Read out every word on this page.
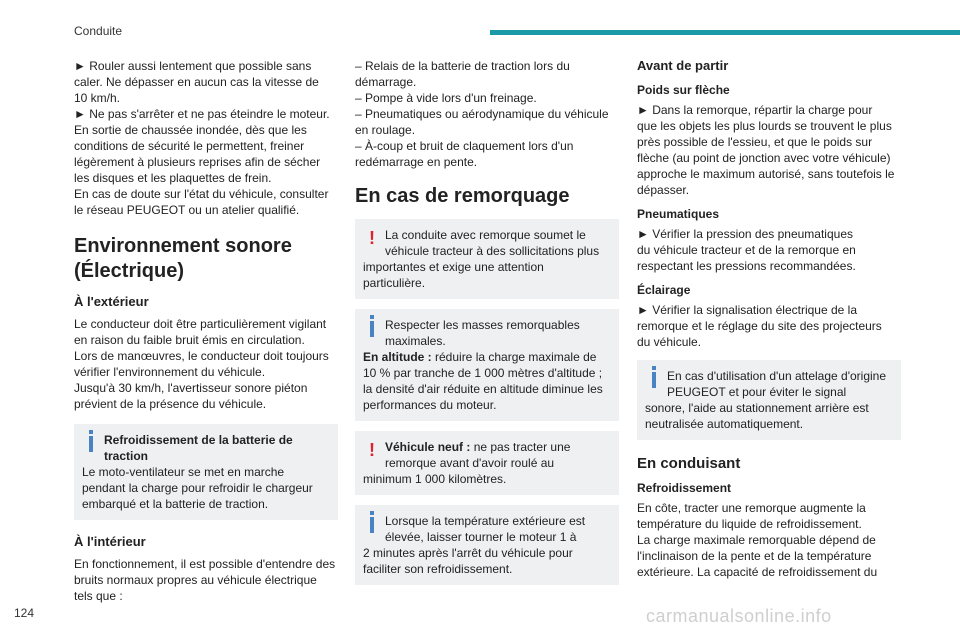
Conduite

► Rouler aussi lentement que possible sans
caler. Ne dépasser en aucun cas la vitesse de
10 km/h.
► Ne pas s'arrêter et ne pas éteindre le moteur.
En sortie de chaussée inondée, dès que les
conditions de sécurité le permettent, freiner
légèrement à plusieurs reprises afin de sécher
les disques et les plaquettes de frein.
En cas de doute sur l'état du véhicule, consulter
le réseau PEUGEOT ou un atelier qualifié.

Environnement sonore
(Électrique)
À l'extérieur

Le conducteur doit être particulièrement vigilant
en raison du faible bruit émis en circulation.
Lors de manœuvres, le conducteur doit toujours
vérifier l'environnement du véhicule.
Jusqu'à 30 km/h, l'avertisseur sonore piéton
prévient de la présence du véhicule.

Refroidissement de la batterie de
traction
Le moto-ventilateur se met en marche
pendant la charge pour refroidir le chargeur
embarqué et la batterie de traction.
À l'intérieur

En fonctionnement, il est possible d'entendre des
bruits normaux propres au véhicule électrique
tels que :

– Relais de la batterie de traction lors du
démarrage.
– Pompe à vide lors d'un freinage.
– Pneumatiques ou aérodynamique du véhicule
en roulage.
– À-coup et bruit de claquement lors d'un
redémarrage en pente.

En cas de remorquage
! La conduite avec remorque soumet le
véhicule tracteur à des sollicitations plus
importantes et exige une attention
particulière.
Respecter les masses remorquables
maximales.
En altitude : réduire la charge maximale de
10 % par tranche de 1 000 mètres d'altitude ;
la densité d'air réduite en altitude diminue les
performances du moteur.
! Véhicule neuf : ne pas tracter une
remorque avant d'avoir roulé au
minimum 1 000 kilomètres.
Lorsque la température extérieure est
élevée, laisser tourner le moteur 1 à
2 minutes après l'arrêt du véhicule pour
faciliter son refroidissement.
Avant de partir
Poids sur flèche

► Dans la remorque, répartir la charge pour
que les objets les plus lourds se trouvent le plus
près possible de l'essieu, et que le poids sur
flèche (au point de jonction avec votre véhicule)
approche le maximum autorisé, sans toutefois le
dépasser.

Pneumatiques

► Vérifier la pression des pneumatiques
du véhicule tracteur et de la remorque en
respectant les pressions recommandées.

Éclairage

► Vérifier la signalisation électrique de la
remorque et le réglage du site des projecteurs
du véhicule.

En cas d'utilisation d'un attelage d'origine
PEUGEOT et pour éviter le signal
sonore, l'aide au stationnement arrière est
neutralisée automatiquement.
En conduisant
Refroidissement

En côte, tracter une remorque augmente la
température du liquide de refroidissement.
La charge maximale remorquable dépend de
l'inclinaison de la pente et de la température
extérieure. La capacité de refroidissement du

124	carmanualsonline.info
